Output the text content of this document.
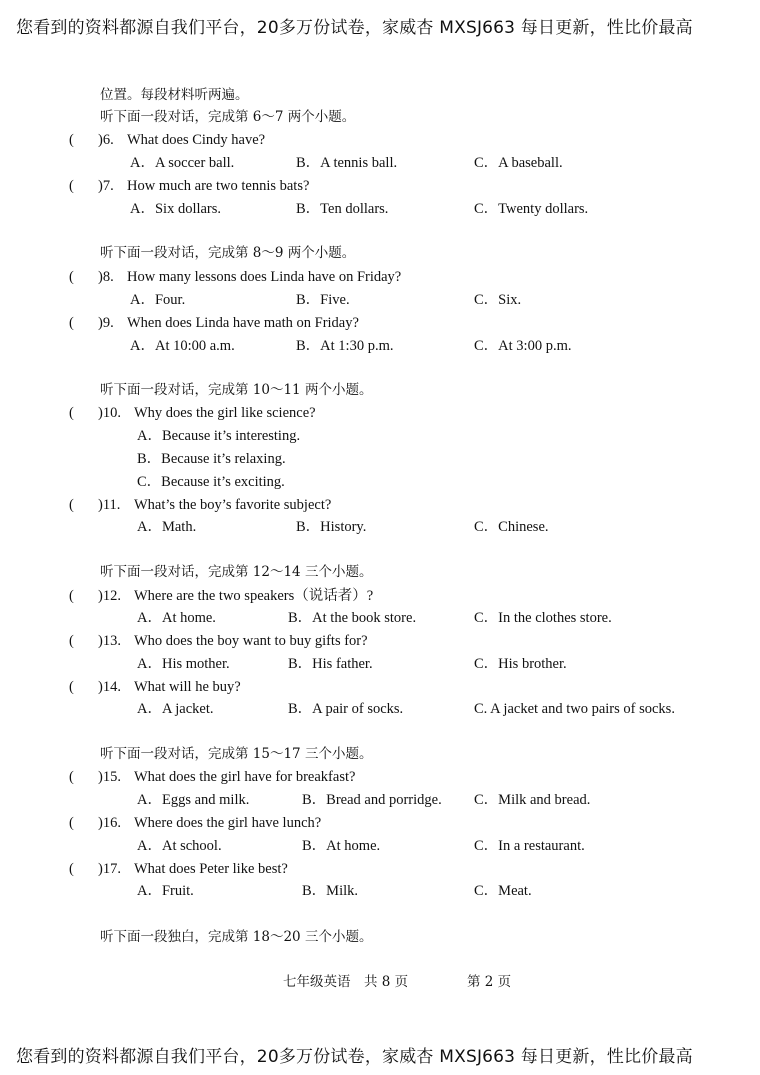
您看到的资料都源自我们平台，20多万份试卷，家威杏 MXSJ663 每日更新，性比价最高
位置。每段材料听两遍。
听下面一段对话，完成第 6～7 两个小题。
( )6. What does Cindy have?
A．A soccer ball.	B．A tennis ball.	C．A baseball.
( )7. How much are two tennis bats?
A．Six dollars.	B．Ten dollars.	C．Twenty dollars.
听下面一段对话，完成第 8～9 两个小题。
( )8. How many lessons does Linda have on Friday?
A．Four.	B．Five.	C．Six.
( )9. When does Linda have math on Friday?
A．At 10:00 a.m.	B．At 1:30 p.m.	C．At 3:00 p.m.
听下面一段对话，完成第 10～11 两个小题。
( )10. Why does the girl like science?
A．Because it’s interesting.
B．Because it’s relaxing.
C．Because it’s exciting.
( )11. What’s the boy’s favorite subject?
A．Math.	B．History.	C．Chinese.
听下面一段对话，完成第 12～14 三个小题。
( )12. Where are the two speakers（说话者）?
A．At home.	B．At the book store.	C．In the clothes store.
( )13. Who does the boy want to buy gifts for?
A．His mother.	B．His father.	C．His brother.
( )14. What will he buy?
A．A jacket.	B．A pair of socks.	C. A jacket and two pairs of socks.
听下面一段对话，完成第 15～17 三个小题。
( )15. What does the girl have for breakfast?
A．Eggs and milk.	B．Bread and porridge. C．Milk and bread.
( )16. Where does the girl have lunch?
A．At school.	B．At home.	C．In a restaurant.
( )17. What does Peter like best?
A．Fruit.	B．Milk.	C．Meat.
听下面一段独白，完成第 18～20 三个小题。
七年级英语　共 8 页	第 2 页
您看到的资料都源自我们平台，20多万份试卷，家威杏 MXSJ663 每日更新，性比价最高
